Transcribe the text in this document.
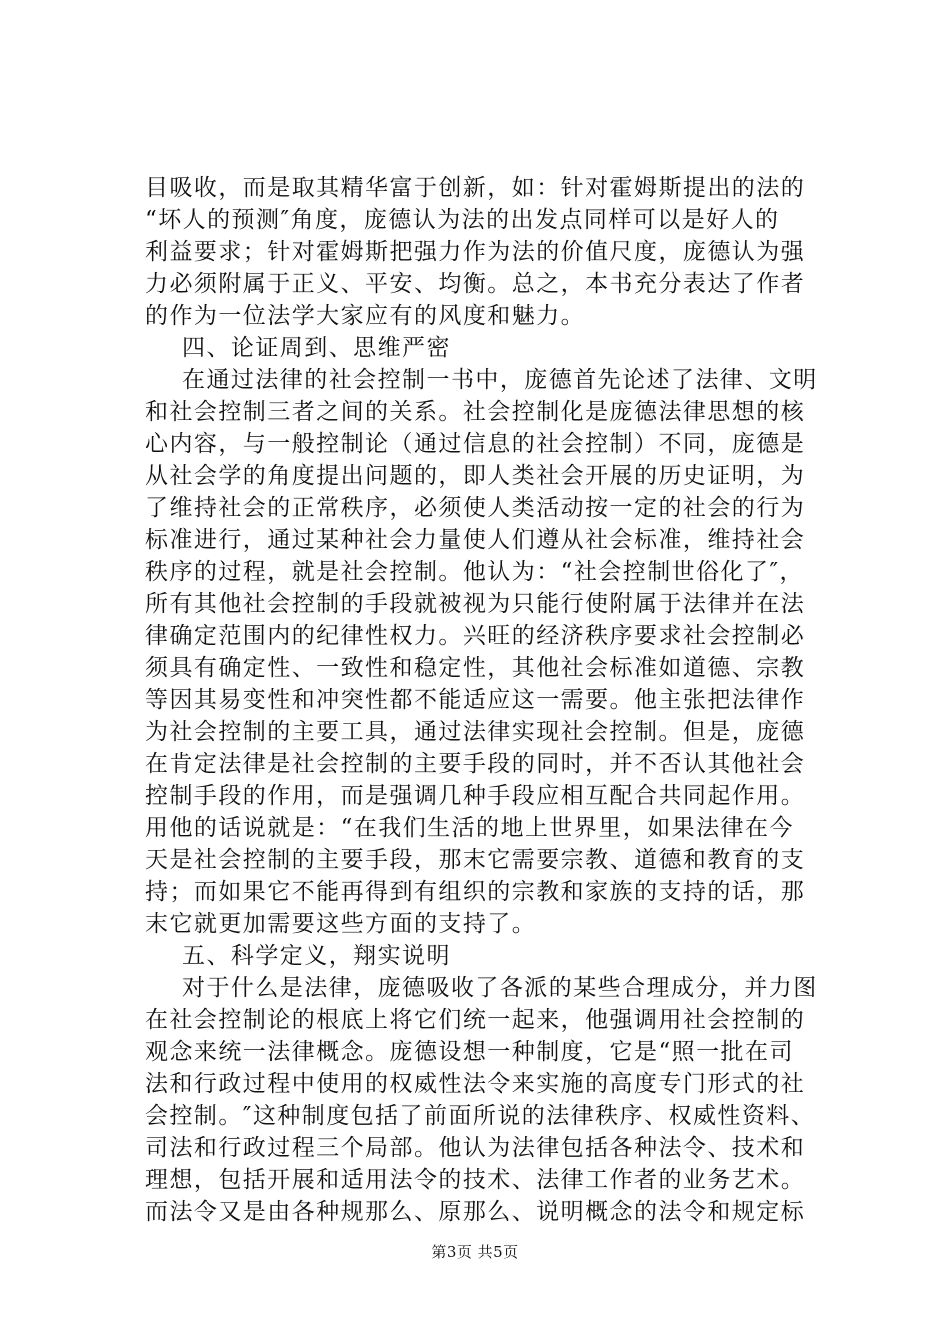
目吸收，而是取其精华富于创新，如：针对霍姆斯提出的法的
“坏人的预测″角度，庞德认为法的出发点同样可以是好人的
利益要求；针对霍姆斯把强力作为法的价值尺度，庞德认为强
力必须附属于正义、平安、均衡。总之，本书充分表达了作者
的作为一位法学大家应有的风度和魅力。
四、论证周到、思维严密
在通过法律的社会控制一书中，庞德首先论述了法律、文明
和社会控制三者之间的关系。社会控制化是庞德法律思想的核
心内容，与一般控制论（通过信息的社会控制）不同，庞德是
从社会学的角度提出问题的，即人类社会开展的历史证明，为
了维持社会的正常秩序，必须使人类活动按一定的社会的行为
标准进行，通过某种社会力量使人们遵从社会标准，维持社会
秩序的过程，就是社会控制。他认为：“社会控制世俗化了″，
所有其他社会控制的手段就被视为只能行使附属于法律并在法
律确定范围内的纪律性权力。兴旺的经济秩序要求社会控制必
须具有确定性、一致性和稳定性，其他社会标准如道德、宗教
等因其易变性和冲突性都不能适应这一需要。他主张把法律作
为社会控制的主要工具，通过法律实现社会控制。但是，庞德
在肯定法律是社会控制的主要手段的同时，并不否认其他社会
控制手段的作用，而是强调几种手段应相互配合共同起作用。
用他的话说就是：“在我们生活的地上世界里，如果法律在今
天是社会控制的主要手段，那末它需要宗教、道德和教育的支
持；而如果它不能再得到有组织的宗教和家族的支持的话，那
末它就更加需要这些方面的支持了。
五、科学定义，翔实说明
对于什么是法律，庞德吸收了各派的某些合理成分，并力图
在社会控制论的根底上将它们统一起来，他强调用社会控制的
观念来统一法律概念。庞德设想一种制度，它是“照一批在司
法和行政过程中使用的权威性法令来实施的高度专门形式的社
会控制。″这种制度包括了前面所说的法律秩序、权威性资料、
司法和行政过程三个局部。他认为法律包括各种法令、技术和
理想，包括开展和适用法令的技术、法律工作者的业务艺术。
而法令又是由各种规那么、原那么、说明概念的法令和规定标
第3页 共5页
